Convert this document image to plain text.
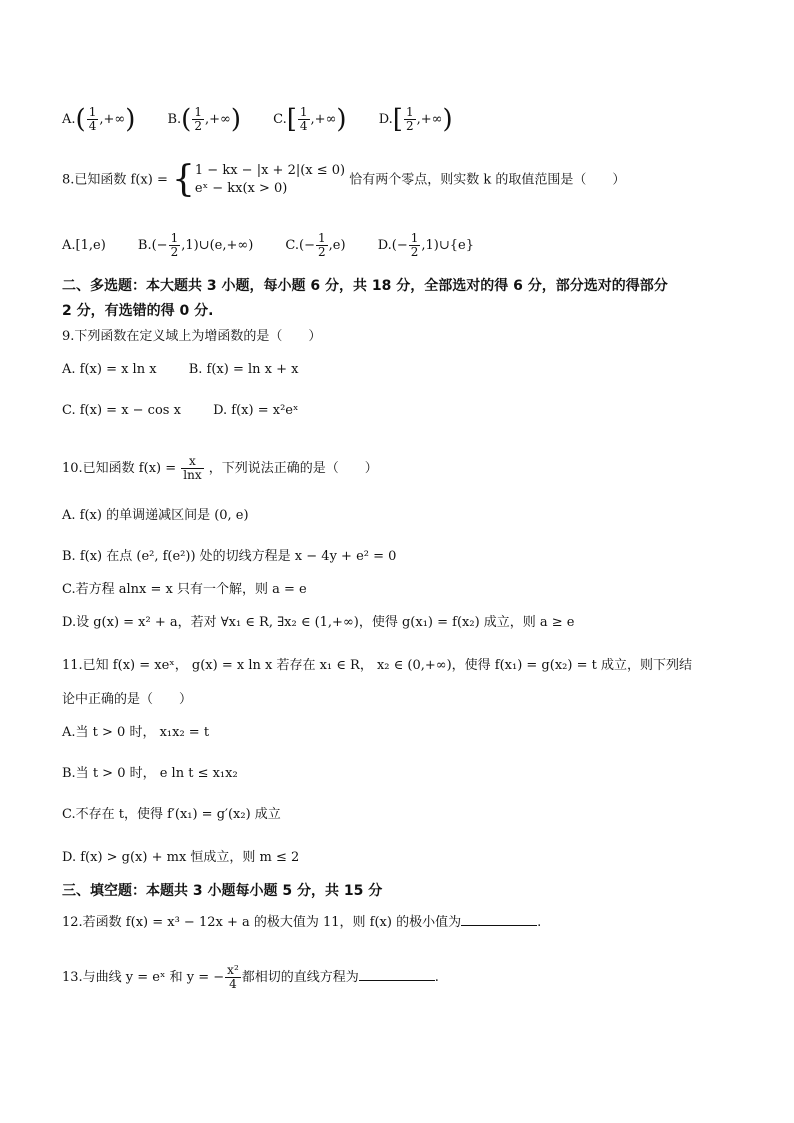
$A.( \frac{1}{4}$ ,+∞) $B.( \frac{1}{2}$ ,+∞) $C.[ \frac{1}{4}$ ,+∞) $D.[ \frac{1}{2}$ ,+∞)
8.已知函数 f(x) = { 1 − kx − |x + 2|(x ≤ 0)
eˣ − kx(x > 0)
恰有两个零点，则实数 k 的取值范围是（　　）
A.[1,e) $B.(- \frac{1}{2}$ ,1)∪(e,+∞) $C.(- \frac{1}{2} ,e)$ $D.(- \frac{1}{2}$ ,1)∪{e}
二、多选题：本大题共 3 小题，每小题 6 分，共 18 分，全部选对的得 6 分，部分选对的得部分
2 分，有选错的得 0 分.
9.下列函数在定义域上为增函数的是（　　）
A. f(x) = x ln x B. f(x) = ln x + x
C. f(x) = x − cos x D. f(x) = x²eˣ
10.已知函数 $f(x) = \frac{x}{\ln x}$ ，下列说法正确的是（　　）
A. f(x) 的单调递减区间是 (0, e)
B. f(x) 在点 (e², f(e²)) 处的切线方程是 x − 4y + e² = 0
C.若方程 alnx = x 只有一个解，则 a = e
D.设 g(x) = x² + a，若对 ∀x₁ ∈ R, ∃x₂ ∈ (1,+∞)，使得 g(x₁) = f(x₂) 成立，则 a ≥ e
11.已知 f(x) = xeˣ， g(x) = x ln x 若存在 x₁ ∈ R， x₂ ∈ (0,+∞)，使得 f(x₁) = g(x₂) = t 成立，则下列结
论中正确的是（　　）
A.当 t > 0 时， x₁x₂ = t
B.当 t > 0 时， e ln t ≤ x₁x₂
C.不存在 t，使得 f′(x₁) = g′(x₂) 成立
D. f(x) > g(x) + mx 恒成立，则 m ≤ 2
三、填空题：本题共 3 小题每小题 5 分，共 15 分
12.若函数 f(x) = x³ − 12x + a 的极大值为 11，则 f(x) 的极小值为	.
13.与曲线 y = eˣ 和 y = − $\frac{\text{x²}}{4}$ 都相切的直线方程为	.
